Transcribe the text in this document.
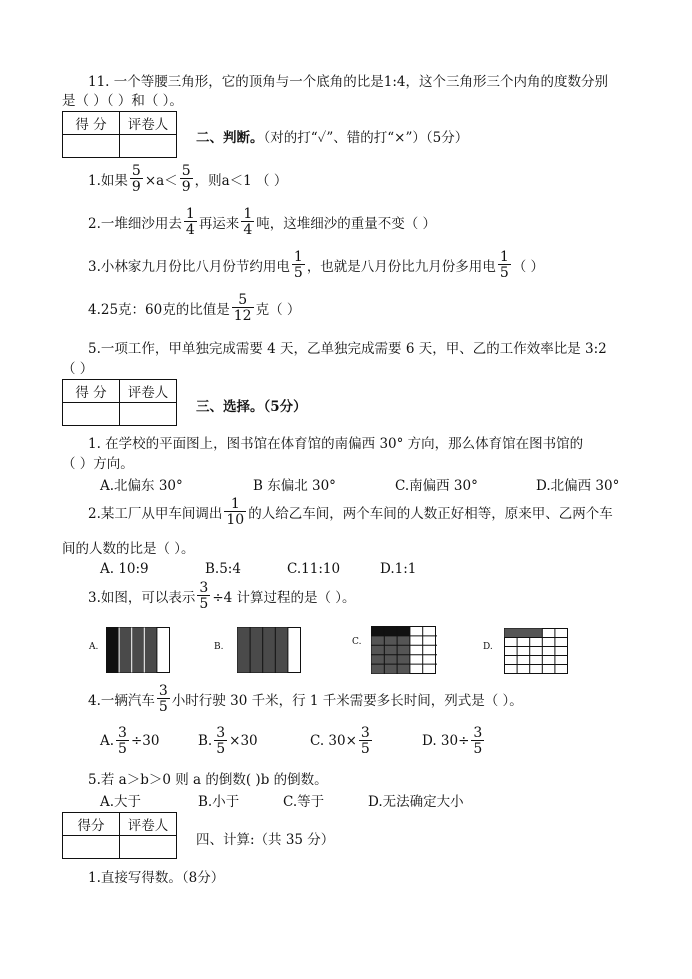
11. 一个等腰三角形，它的顶角与一个底角的比是1:4，这个三角形三个内角的度数分别
是（ ）（ ）和（ ）。
得 分	评卷人

二、判断。（对的打“✓”、错的打“×”）（5分）
1.如果 $\frac{5}{9} \times a< \frac{5}{9}$ ，则a＜1 （ ）
2.一堆细沙用去 $\frac{1}{4}$ 再运来 $\frac{1}{4}$ 吨，这堆细沙的重量不变（ ）
3.小林家九月份比八月份节约用电 $\frac{1}{5}$ ，也就是八月份比九月份多用电 $\frac{1}{5}$ （ ）
4.25克：60克的比值是 $\frac{5}{12}$ 克（ ）
5.一项工作，甲单独完成需要 4 天，乙单独完成需要 6 天，甲、乙的工作效率比是 3:2
（ ）
得 分	评卷人

三、选择。（5分）
1. 在学校的平面图上，图书馆在体育馆的南偏西 30° 方向，那么体育馆在图书馆的
（ ）方向。
A.北偏东 30°	B 东偏北 30°	C.南偏西 30°	D.北偏西 30°
2.某工厂从甲车间调出 $\frac{1}{10}$ 的人给乙车间，两个车间的人数正好相等，原来甲、乙两个车
间的人数的比是（ ）。
A. 10:9	B.5:4	C.11:10	D.1:1
3.如图，可以表示 $\frac{3}{5} \div 4$ 计算过程的是（ ）。
A.	B.	C.	D.
4.一辆汽车 $\frac{3}{5}$ 小时行驶 30 千米，行 1 千米需要多长时间，列式是（ ）。
A. $\frac{3}{5} \div 30$	B. $\frac{3}{5} \times 30$	C. $30\times \frac{3}{5}$	D. $30\div \frac{3}{5}$
5.若 a＞b＞0 则 a 的倒数( )b 的倒数。
A.大于	B.小于	C.等于	D.无法确定大小
得分	评卷人

四、计算:（共 35 分）
1.直接写得数。（8分）
